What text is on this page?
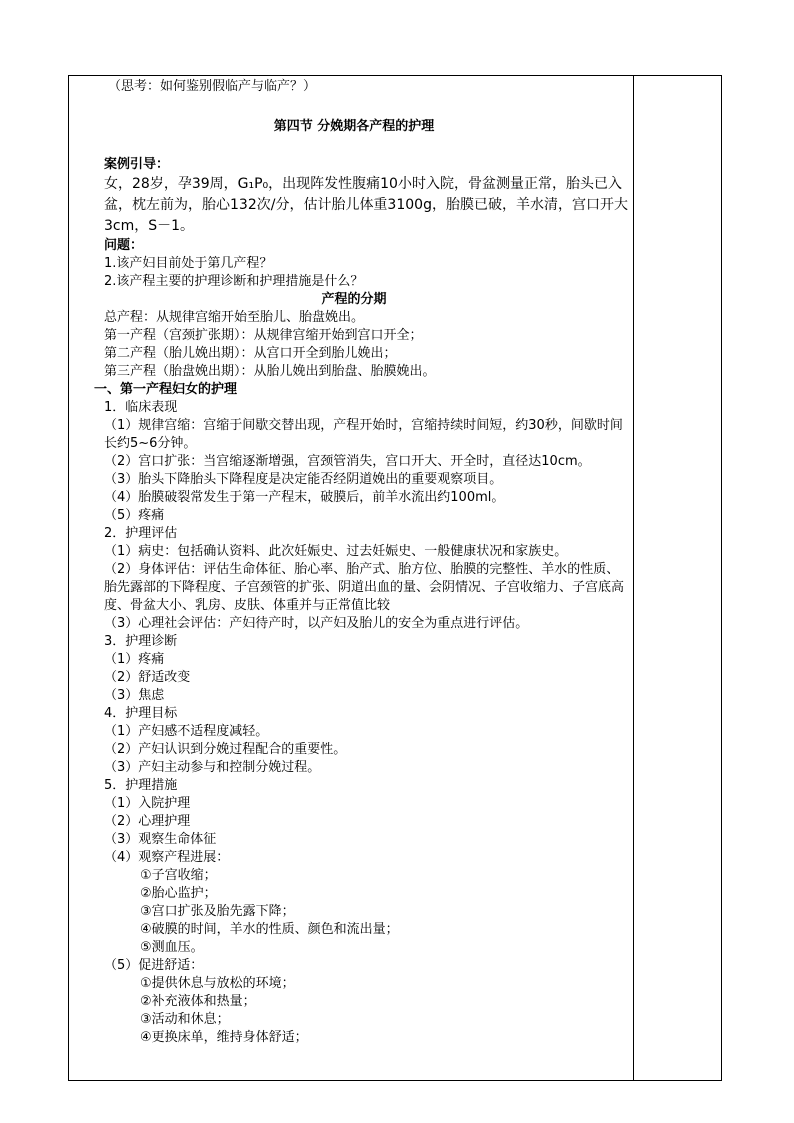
（思考：如何鉴别假临产与临产？）
第四节 分娩期各产程的护理
案例引导：
女，28岁，孕39周，G₁P₀，出现阵发性腹痛10小时入院，骨盆测量正常，胎头已入盆，枕左前为，胎心132次/分，估计胎儿体重3100g，胎膜已破，羊水清，宫口开大3cm，S－1。
问题：
1.该产妇目前处于第几产程？
2.该产程主要的护理诊断和护理措施是什么？
产程的分期
总产程：从规律宫缩开始至胎儿、胎盘娩出。
第一产程（宫颈扩张期）：从规律宫缩开始到宫口开全；
第二产程（胎儿娩出期）：从宫口开全到胎儿娩出；
第三产程（胎盘娩出期）：从胎儿娩出到胎盘、胎膜娩出。
一、第一产程妇女的护理
1．临床表现
（1）规律宫缩：宫缩于间歇交替出现，产程开始时，宫缩持续时间短，约30秒，间歇时间长约5~6分钟。
（2）宫口扩张：当宫缩逐渐增强，宫颈管消失，宫口开大、开全时，直径达10cm。
（3）胎头下降胎头下降程度是决定能否经阴道娩出的重要观察项目。
（4）胎膜破裂常发生于第一产程末，破膜后，前羊水流出约100ml。
（5）疼痛
2．护理评估
（1）病史：包括确认资料、此次妊娠史、过去妊娠史、一般健康状况和家族史。
（2）身体评估：评估生命体征、胎心率、胎产式、胎方位、胎膜的完整性、羊水的性质、胎先露部的下降程度、子宫颈管的扩张、阴道出血的量、会阴情况、子宫收缩力、子宫底高度、骨盆大小、乳房、皮肤、体重并与正常值比较
（3）心理社会评估：产妇待产时，以产妇及胎儿的安全为重点进行评估。
3．护理诊断
（1）疼痛
（2）舒适改变
（3）焦虑
4．护理目标
（1）产妇感不适程度减轻。
（2）产妇认识到分娩过程配合的重要性。
（3）产妇主动参与和控制分娩过程。
5．护理措施
（1）入院护理
（2）心理护理
（3）观察生命体征
（4）观察产程进展：
①子宫收缩；
②胎心监护；
③宫口扩张及胎先露下降；
④破膜的时间，羊水的性质、颜色和流出量；
⑤测血压。
（5）促进舒适：
①提供休息与放松的环境；
②补充液体和热量；
③活动和休息；
④更换床单，维持身体舒适；
